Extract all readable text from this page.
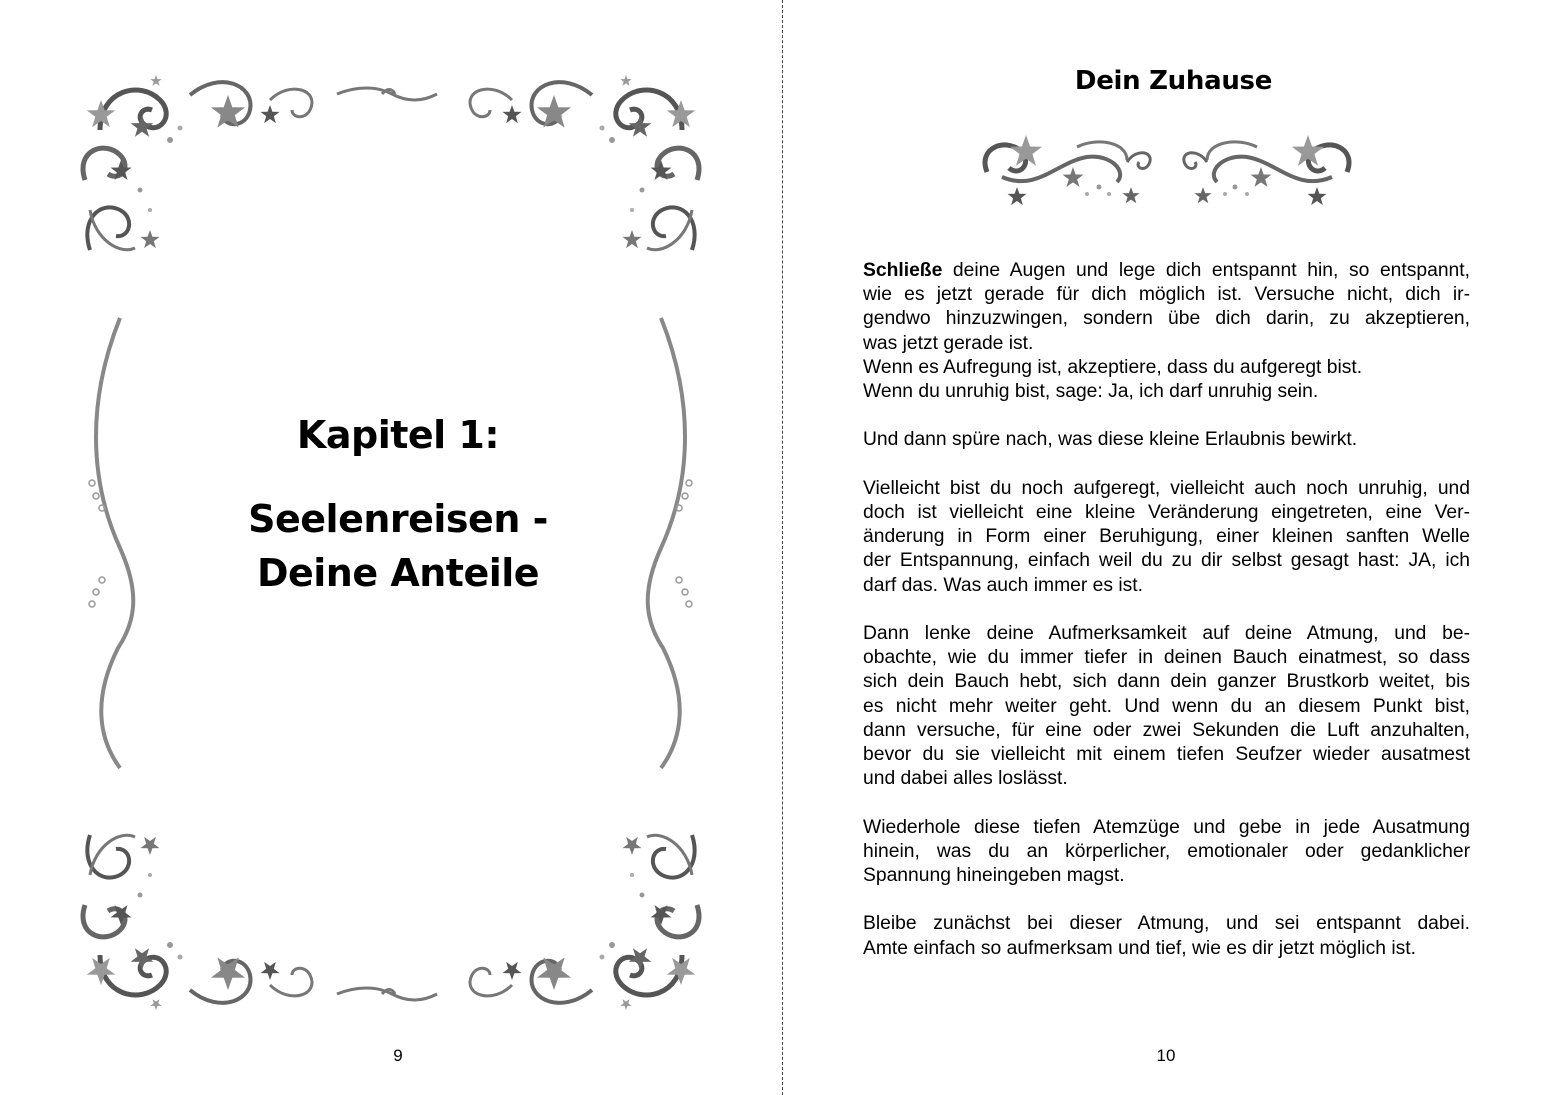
Kapitel 1:
Seelenreisen -
Deine Anteile
9
Dein Zuhause

Schließe deine Augen und lege dich entspannt hin, so entspannt,
wie es jetzt gerade für dich möglich ist. Versuche nicht, dich ir-
gendwo hinzuzwingen, sondern übe dich darin, zu akzeptieren,
was jetzt gerade ist.
Wenn es Aufregung ist, akzeptiere, dass du aufgeregt bist.
Wenn du unruhig bist, sage: Ja, ich darf unruhig sein.

Und dann spüre nach, was diese kleine Erlaubnis bewirkt.

Vielleicht bist du noch aufgeregt, vielleicht auch noch unruhig, und
doch ist vielleicht eine kleine Veränderung eingetreten, eine Ver-
änderung in Form einer Beruhigung, einer kleinen sanften Welle
der Entspannung, einfach weil du zu dir selbst gesagt hast: JA, ich
darf das. Was auch immer es ist.

Dann lenke deine Aufmerksamkeit auf deine Atmung, und be-
obachte, wie du immer tiefer in deinen Bauch einatmest, so dass
sich dein Bauch hebt, sich dann dein ganzer Brustkorb weitet, bis
es nicht mehr weiter geht. Und wenn du an diesem Punkt bist,
dann versuche, für eine oder zwei Sekunden die Luft anzuhalten,
bevor du sie vielleicht mit einem tiefen Seufzer wieder ausatmest
und dabei alles loslässt.

Wiederhole diese tiefen Atemzüge und gebe in jede Ausatmung
hinein, was du an körperlicher, emotionaler oder gedanklicher
Spannung hineingeben magst.

Bleibe zunächst bei dieser Atmung, und sei entspannt dabei.
Amte einfach so aufmerksam und tief, wie es dir jetzt möglich ist.

10
